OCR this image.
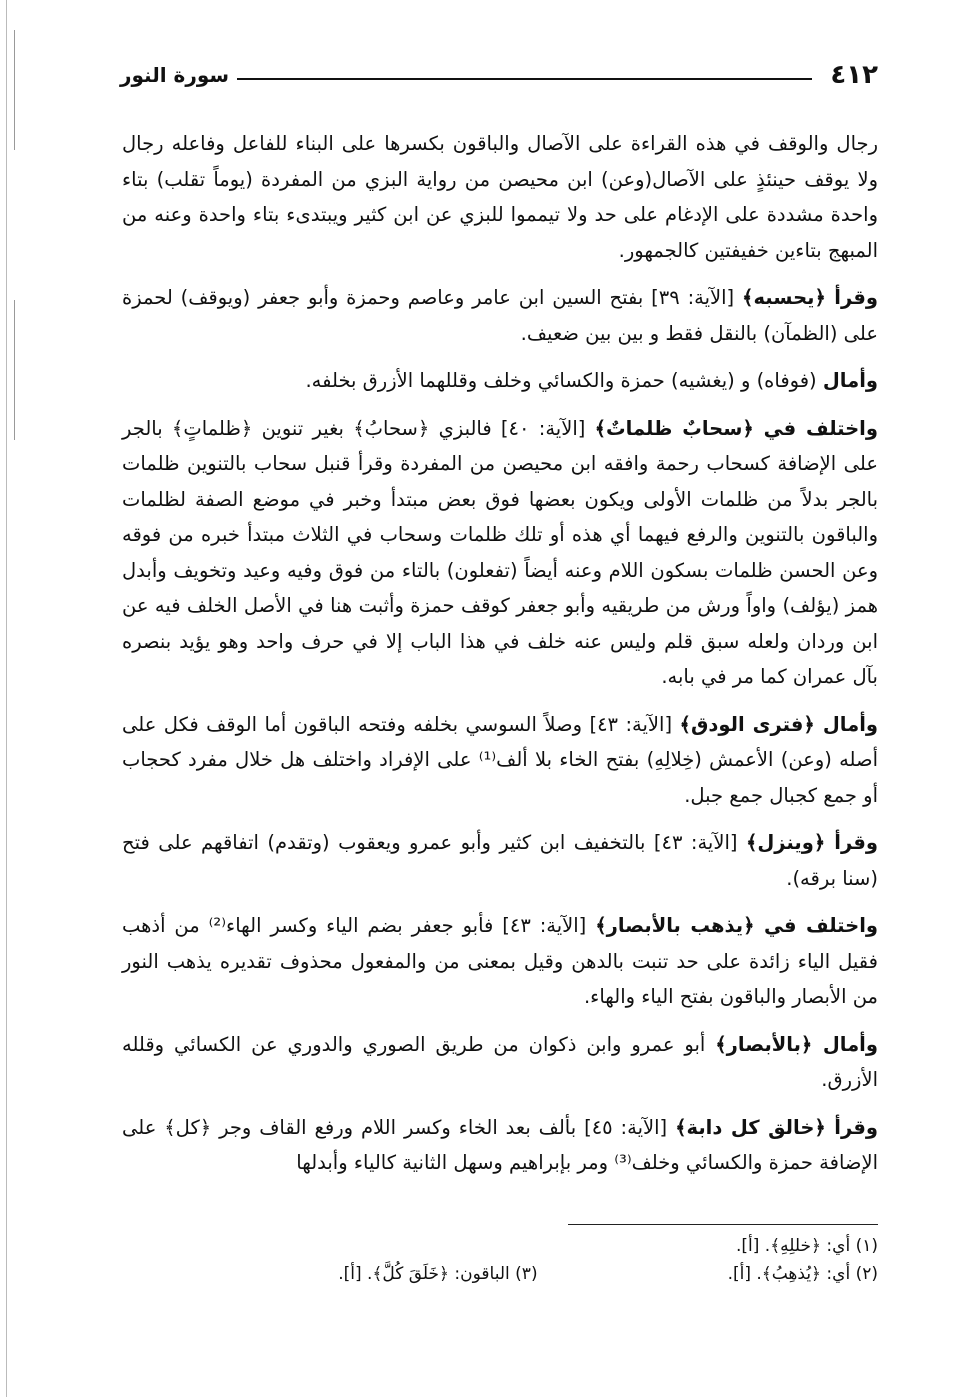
٤١٢
سورة النور

رجال والوقف في هذه القراءة على الآصال والباقون بكسرها على البناء للفاعل وفاعله رجال ولا يوقف حينئذٍ على الآصال(وعن) ابن محيصن من رواية البزي من المفردة (يوماً تقلب) بتاء واحدة مشددة على الإدغام على حد ولا تيمموا للبزي عن ابن كثير ويبتدىء بتاء واحدة وعنه من المبهج بتاءين خفيفتين كالجمهور.

وقرأ ﴿يحسبه﴾ [الآية: ٣٩] بفتح السين ابن عامر وعاصم وحمزة وأبو جعفر (ويوقف) لحمزة على (الظمآن) بالنقل فقط و بين بين ضعيف.

وأمال (فوفاه) و (يغشيه) حمزة والكسائي وخلف وقللهما الأزرق بخلفه.

واختلف في ﴿سحابٌ ظلماتٌ﴾ [الآية: ٤٠] فالبزي ﴿سحابُ﴾ بغير تنوين ﴿ظلماتٍ﴾ بالجر على الإضافة كسحاب رحمة وافقه ابن محيصن من المفردة وقرأ قنبل سحاب بالتنوين ظلمات بالجر بدلاً من ظلمات الأولى ويكون بعضها فوق بعض مبتدأ وخبر في موضع الصفة لظلمات والباقون بالتنوين والرفع فيهما أي هذه أو تلك ظلمات وسحاب في الثلاث مبتدأ خبره من فوقه وعن الحسن ظلمات بسكون اللام وعنه أيضاً (تفعلون) بالتاء من فوق وفيه وعيد وتخويف وأبدل همز (يؤلف) واواً ورش من طريقيه وأبو جعفر كوقف حمزة وأثبت هنا في الأصل الخلف فيه عن ابن وردان ولعله سبق قلم وليس عنه خلف في هذا الباب إلا في حرف واحد وهو يؤيد بنصره بآل عمران كما مر في بابه.

وأمال ﴿فترى الودق﴾ [الآية: ٤٣] وصلاً السوسي بخلفه وفتحه الباقون أما الوقف فكل على أصله (وعن) الأعمش (خِلالِهِ) بفتح الخاء بلا ألف⁽¹⁾ على الإفراد واختلف هل خلال مفرد كحجاب أو جمع كجبال جمع جبل.

وقرأ ﴿وينزل﴾ [الآية: ٤٣] بالتخفيف ابن كثير وأبو عمرو ويعقوب (وتقدم) اتفاقهم على فتح (سنا برقه).

واختلف في ﴿يذهب بالأبصار﴾ [الآية: ٤٣] فأبو جعفر بضم الياء وكسر الهاء⁽²⁾ من أذهب فقيل الياء زائدة على حد تنبت بالدهن وقيل بمعنى من والمفعول محذوف تقديره يذهب النور من الأبصار والباقون بفتح الياء والهاء.

وأمال ﴿بالأبصار﴾ أبو عمرو وابن ذكوان من طريق الصوري والدوري عن الكسائي وقلله الأزرق.

وقرأ ﴿خالق كل دابة﴾ [الآية: ٤٥] بألف بعد الخاء وكسر اللام ورفع القاف وجر ﴿كل﴾ على الإضافة حمزة والكسائي وخلف⁽³⁾ ومر بإبراهيم وسهل الثانية كالياء وأبدلها

(١) أي: ﴿خللِهِ﴾. [أ].
(٢) أي: ﴿يُذهِبُ﴾. [أ].
(٣) الباقون: ﴿خَلَقَ كُلَّ﴾. [أ].
